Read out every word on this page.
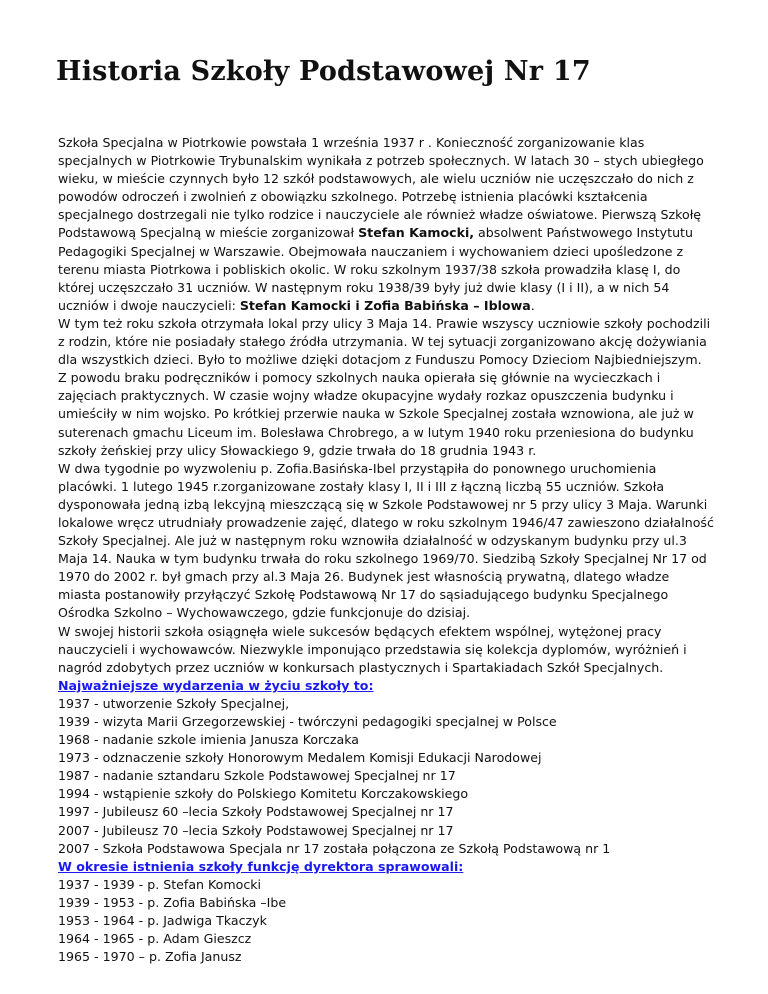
Historia Szkoły Podstawowej Nr 17

Szkoła Specjalna w Piotrkowie powstała 1 września 1937 r . Konieczność zorganizowanie klas specjalnych w Piotrkowie Trybunalskim wynikała z potrzeb społecznych. W latach 30 – stych ubiegłego wieku, w mieście czynnych było 12 szkół podstawowych, ale wielu uczniów nie uczęszczało do nich z powodów odroczeń i zwolnień z obowiązku szkolnego. Potrzebę istnienia placówki kształcenia specjalnego dostrzegali nie tylko rodzice i nauczyciele ale również władze oświatowe. Pierwszą Szkołę Podstawową Specjalną w mieście zorganizował Stefan Kamocki, absolwent Państwowego Instytutu Pedagogiki Specjalnej w Warszawie. Obejmowała nauczaniem i wychowaniem dzieci upośledzone z terenu miasta Piotrkowa i pobliskich okolic. W roku szkolnym 1937/38 szkoła prowadziła klasę I, do której uczęszczało 31 uczniów. W następnym roku 1938/39 były już dwie klasy (I i II), a w nich 54 uczniów i dwoje nauczycieli: Stefan Kamocki i Zofia Babińska – Iblowa.

W tym też roku szkoła otrzymała lokal przy ulicy 3 Maja 14. Prawie wszyscy uczniowie szkoły pochodzili z rodzin, które nie posiadały stałego źródła utrzymania. W tej sytuacji zorganizowano akcję dożywiania dla wszystkich dzieci. Było to możliwe dzięki dotacjom z Funduszu Pomocy Dzieciom Najbiedniejszym. Z powodu braku podręczników i pomocy szkolnych nauka opierała się głównie na wycieczkach i zajęciach praktycznych. W czasie wojny władze okupacyjne wydały rozkaz opuszczenia budynku i umieściły w nim wojsko. Po krótkiej przerwie nauka w Szkole Specjalnej została wznowiona, ale już w suterenach gmachu Liceum im. Bolesława Chrobrego, a w lutym 1940 roku przeniesiona do budynku szkoły żeńskiej przy ulicy Słowackiego 9, gdzie trwała do 18 grudnia 1943 r.

W dwa tygodnie po wyzwoleniu p. Zofia.Basińska-Ibel przystąpiła do ponownego uruchomienia placówki. 1 lutego 1945 r.zorganizowane zostały klasy I, II i III z łączną liczbą 55 uczniów. Szkoła dysponowała jedną izbą lekcyjną mieszczącą się w Szkole Podstawowej nr 5 przy ulicy 3 Maja. Warunki lokalowe wręcz utrudniały prowadzenie zajęć, dlatego w roku szkolnym 1946/47 zawieszono działalność Szkoły Specjalnej. Ale już w następnym roku wznowiła działalność w odzyskanym budynku przy ul.3 Maja 14. Nauka w tym budynku trwała do roku szkolnego 1969/70. Siedzibą Szkoły Specjalnej Nr 17 od 1970 do 2002 r. był gmach przy al.3 Maja 26. Budynek jest własnością prywatną, dlatego władze miasta postanowiły przyłączyć Szkołę Podstawową Nr 17 do sąsiadującego budynku Specjalnego Ośrodka Szkolno – Wychowawczego, gdzie funkcjonuje do dzisiaj.

W swojej historii szkoła osiągnęła wiele sukcesów będących efektem wspólnej, wytężonej pracy nauczycieli i wychowawców. Niezwykle imponująco przedstawia się kolekcja dyplomów, wyróżnień i nagród zdobytych przez uczniów w konkursach plastycznych i Spartakiadach Szkół Specjalnych.

Najważniejsze wydarzenia w życiu szkoły to:

1937 - utworzenie Szkoły Specjalnej,
1939 - wizyta Marii Grzegorzewskiej - twórczyni pedagogiki specjalnej w Polsce
1968 - nadanie szkole imienia Janusza Korczaka
1973 - odznaczenie szkoły Honorowym Medalem Komisji Edukacji Narodowej
1987 - nadanie sztandaru Szkole Podstawowej Specjalnej nr 17
1994 - wstąpienie szkoły do Polskiego Komitetu Korczakowskiego
1997 - Jubileusz 60 –lecia Szkoły Podstawowej Specjalnej nr 17
2007 - Jubileusz 70 –lecia Szkoły Podstawowej Specjalnej nr 17
2007 - Szkoła Podstawowa Specjala nr 17 została połączona ze Szkołą Podstawową nr 1

W okresie istnienia szkoły funkcję dyrektora sprawowali:

1937 - 1939 - p. Stefan Komocki
1939 - 1953 - p. Zofia Babińska –Ibe
1953 - 1964 - p. Jadwiga Tkaczyk
1964 - 1965 - p. Adam Gieszcz
1965 - 1970 – p. Zofia Janusz
